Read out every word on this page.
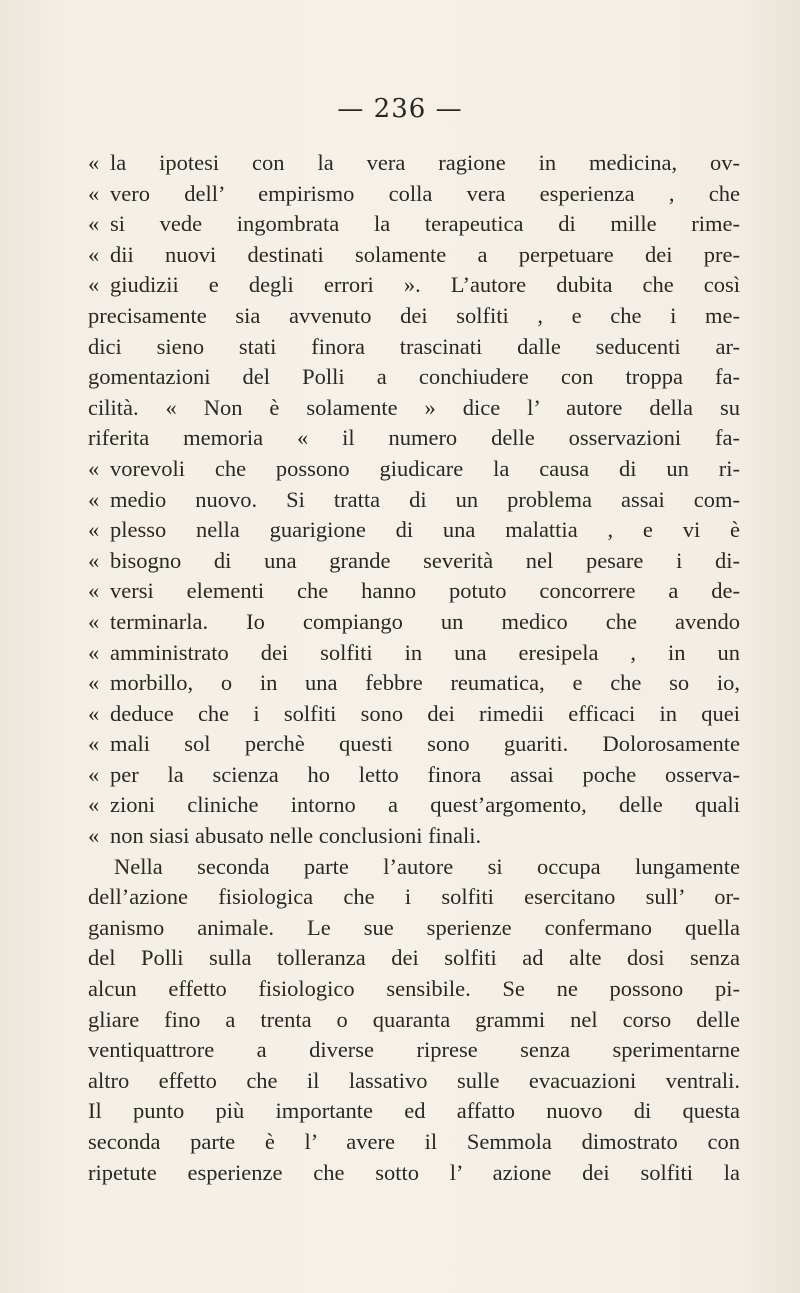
— 236 —
« la ipotesi con la vera ragione in medicina, ov-
« vero dell’ empirismo colla vera esperienza , che
« si vede ingombrata la terapeutica di mille rime-
« dii nuovi destinati solamente a perpetuare dei pre-
« giudizii e degli errori ». L’autore dubita che così
precisamente sia avvenuto dei solfiti , e che i me-
dici sieno stati finora trascinati dalle seducenti ar-
gomentazioni del Polli a conchiudere con troppa fa-
cilità. « Non è solamente » dice l’ autore della su
riferita memoria « il numero delle osservazioni fa-
« vorevoli che possono giudicare la causa di un ri-
« medio nuovo. Si tratta di un problema assai com-
« plesso nella guarigione di una malattia , e vi è
« bisogno di una grande severità nel pesare i di-
« versi elementi che hanno potuto concorrere a de-
« terminarla. Io compiango un medico che avendo
« amministrato dei solfiti in una eresipela , in un
« morbillo, o in una febbre reumatica, e che so io,
« deduce che i solfiti sono dei rimedii efficaci in quei
« mali sol perchè questi sono guariti. Dolorosamente
« per la scienza ho letto finora assai poche osserva-
« zioni cliniche intorno a quest’argomento, delle quali
« non siasi abusato nelle conclusioni finali.
Nella seconda parte l’autore si occupa lungamente
dell’azione fisiologica che i solfiti esercitano sull’ or-
ganismo animale. Le sue sperienze confermano quella
del Polli sulla tolleranza dei solfiti ad alte dosi senza
alcun effetto fisiologico sensibile. Se ne possono pi-
gliare fino a trenta o quaranta grammi nel corso delle
ventiquattrore a diverse riprese senza sperimentarne
altro effetto che il lassativo sulle evacuazioni ventrali.
Il punto più importante ed affatto nuovo di questa
seconda parte è l’ avere il Semmola dimostrato con
ripetute esperienze che sotto l’ azione dei solfiti la
